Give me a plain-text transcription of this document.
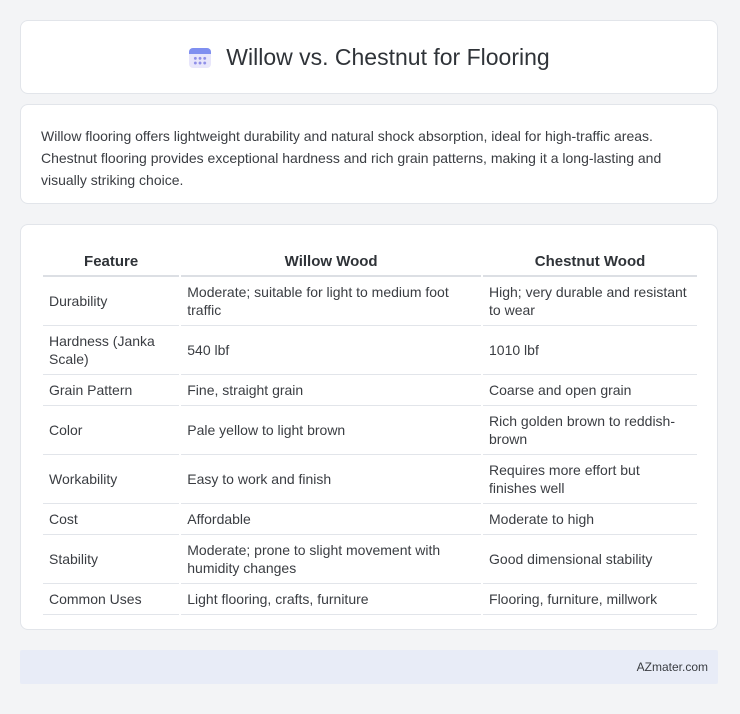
Willow vs. Chestnut for Flooring

Willow flooring offers lightweight durability and natural shock absorption, ideal for high-traffic areas. Chestnut flooring provides exceptional hardness and rich grain patterns, making it a long-lasting and visually striking choice.

Feature	Willow Wood	Chestnut Wood
Durability	Moderate; suitable for light to medium foot traffic	High; very durable and resistant to wear
Hardness (Janka Scale)	540 lbf	1010 lbf
Grain Pattern	Fine, straight grain	Coarse and open grain
Color	Pale yellow to light brown	Rich golden brown to reddish-brown
Workability	Easy to work and finish	Requires more effort but finishes well
Cost	Affordable	Moderate to high
Stability	Moderate; prone to slight movement with humidity changes	Good dimensional stability
Common Uses	Light flooring, crafts, furniture	Flooring, furniture, millwork
AZmater.com
